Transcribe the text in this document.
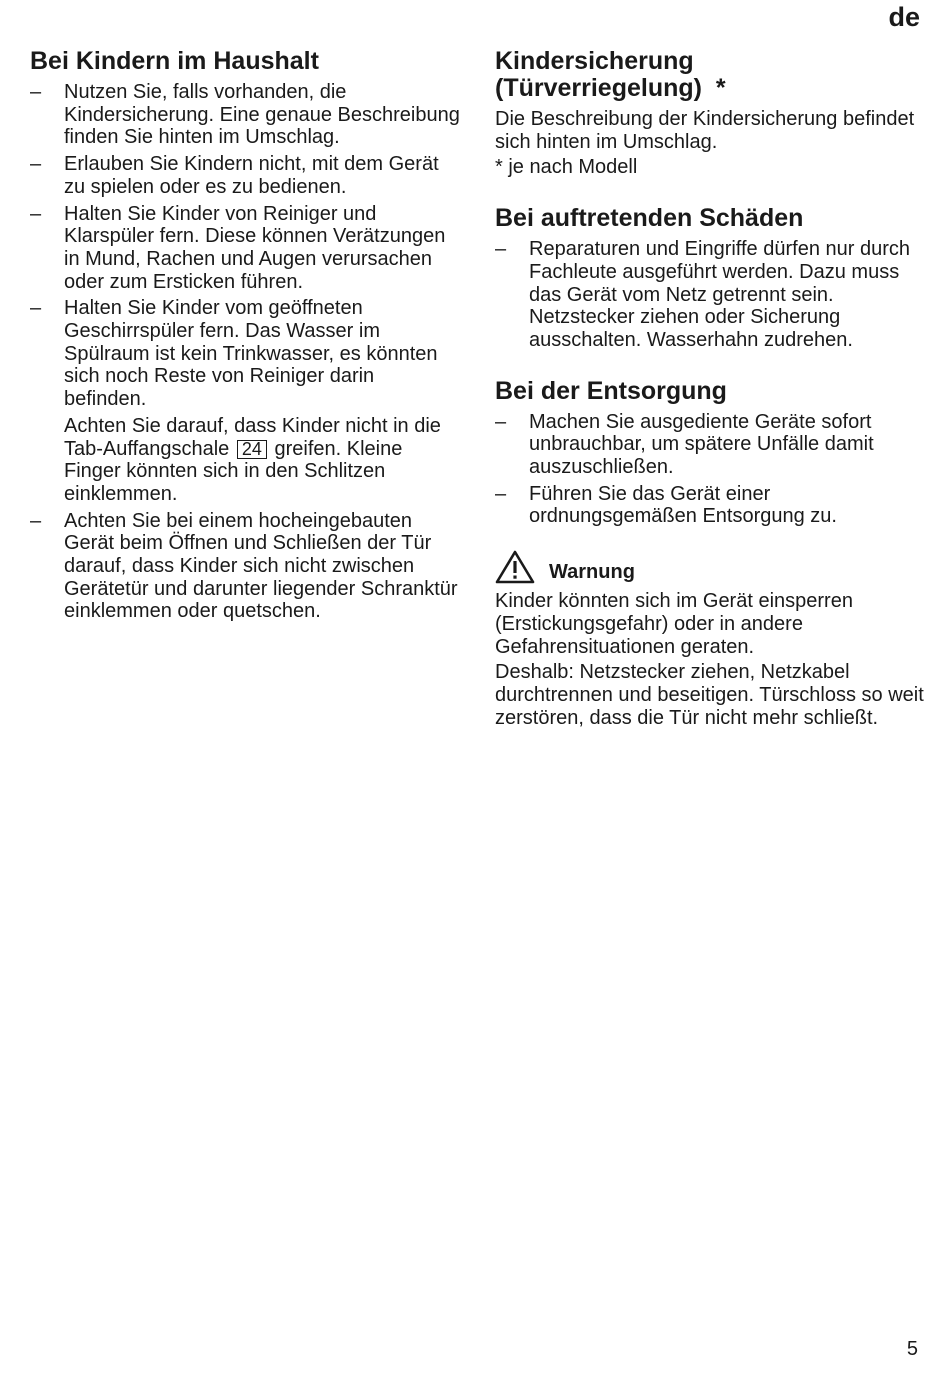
de
Bei Kindern im Haushalt
– Nutzen Sie, falls vorhanden, die Kindersicherung. Eine genaue Beschreibung finden Sie hinten im Umschlag.
– Erlauben Sie Kindern nicht, mit dem Gerät zu spielen oder es zu bedienen.
– Halten Sie Kinder von Reiniger und Klarspüler fern. Diese können Verätzungen in Mund, Rachen und Augen verursachen oder zum Ersticken führen.
– Halten Sie Kinder vom geöffneten Geschirrspüler fern. Das Wasser im Spülraum ist kein Trinkwasser, es könnten sich noch Reste von Reiniger darin befinden.

Achten Sie darauf, dass Kinder nicht in die Tab-Auffangschale 24 greifen. Kleine Finger könnten sich in den Schlitzen einklemmen.

– Achten Sie bei einem hocheingebauten Gerät beim Öffnen und Schließen der Tür darauf, dass Kinder sich nicht zwischen Gerätetür und darunter liegender Schranktür einklemmen oder quetschen.
Kindersicherung
(Türverriegelung)  *

Die Beschreibung der Kindersicherung befindet sich hinten im Umschlag.

* je nach Modell

Bei auftretenden Schäden
– Reparaturen und Eingriffe dürfen nur durch Fachleute ausgeführt werden. Dazu muss das Gerät vom Netz getrennt sein. Netzstecker ziehen oder Sicherung ausschalten. Wasserhahn zudrehen.
Bei der Entsorgung
– Machen Sie ausgediente Geräte sofort unbrauchbar, um spätere Unfälle damit auszuschließen.
– Führen Sie das Gerät einer ordnungsgemäßen Entsorgung zu.
Warnung

Kinder könnten sich im Gerät einsperren (Erstickungsgefahr) oder in andere Gefahrensituationen geraten.

Deshalb: Netzstecker ziehen, Netzkabel durchtrennen und beseitigen. Türschloss so weit zerstören, dass die Tür nicht mehr schließt.

5
